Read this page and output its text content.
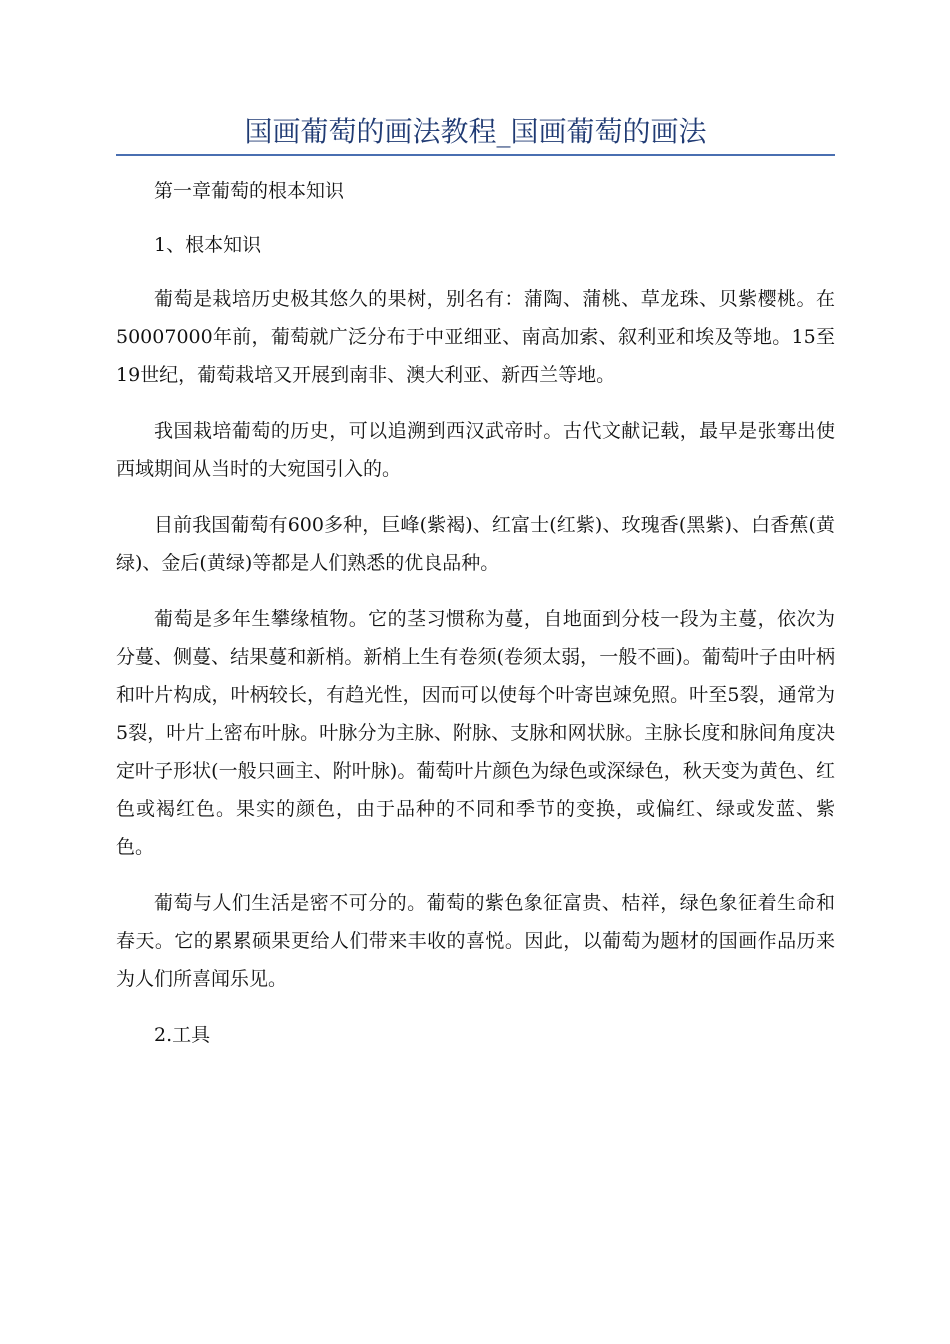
国画葡萄的画法教程_国画葡萄的画法

第一章葡萄的根本知识

1、根本知识

葡萄是栽培历史极其悠久的果树，别名有：蒲陶、蒲桃、草龙珠、贝紫樱桃。在50007000年前，葡萄就广泛分布于中亚细亚、南高加索、叙利亚和埃及等地。15至19世纪，葡萄栽培又开展到南非、澳大利亚、新西兰等地。

我国栽培葡萄的历史，可以追溯到西汉武帝时。古代文献记载，最早是张骞出使西域期间从当时的大宛国引入的。

目前我国葡萄有600多种，巨峰(紫褐)、红富士(红紫)、玫瑰香(黑紫)、白香蕉(黄绿)、金后(黄绿)等都是人们熟悉的优良品种。

葡萄是多年生攀缘植物。它的茎习惯称为蔓，自地面到分枝一段为主蔓，依次为分蔓、侧蔓、结果蔓和新梢。新梢上生有卷须(卷须太弱，一般不画)。葡萄叶子由叶柄和叶片构成，叶柄较长，有趋光性，因而可以使每个叶寄岜竦免照。叶至5裂，通常为5裂，叶片上密布叶脉。叶脉分为主脉、附脉、支脉和网状脉。主脉长度和脉间角度决定叶子形状(一般只画主、附叶脉)。葡萄叶片颜色为绿色或深绿色，秋天变为黄色、红色或褐红色。果实的颜色，由于品种的不同和季节的变换，或偏红、绿或发蓝、紫色。

葡萄与人们生活是密不可分的。葡萄的紫色象征富贵、桔祥，绿色象征着生命和春天。它的累累硕果更给人们带来丰收的喜悦。因此，以葡萄为题材的国画作品历来为人们所喜闻乐见。

2.工具
